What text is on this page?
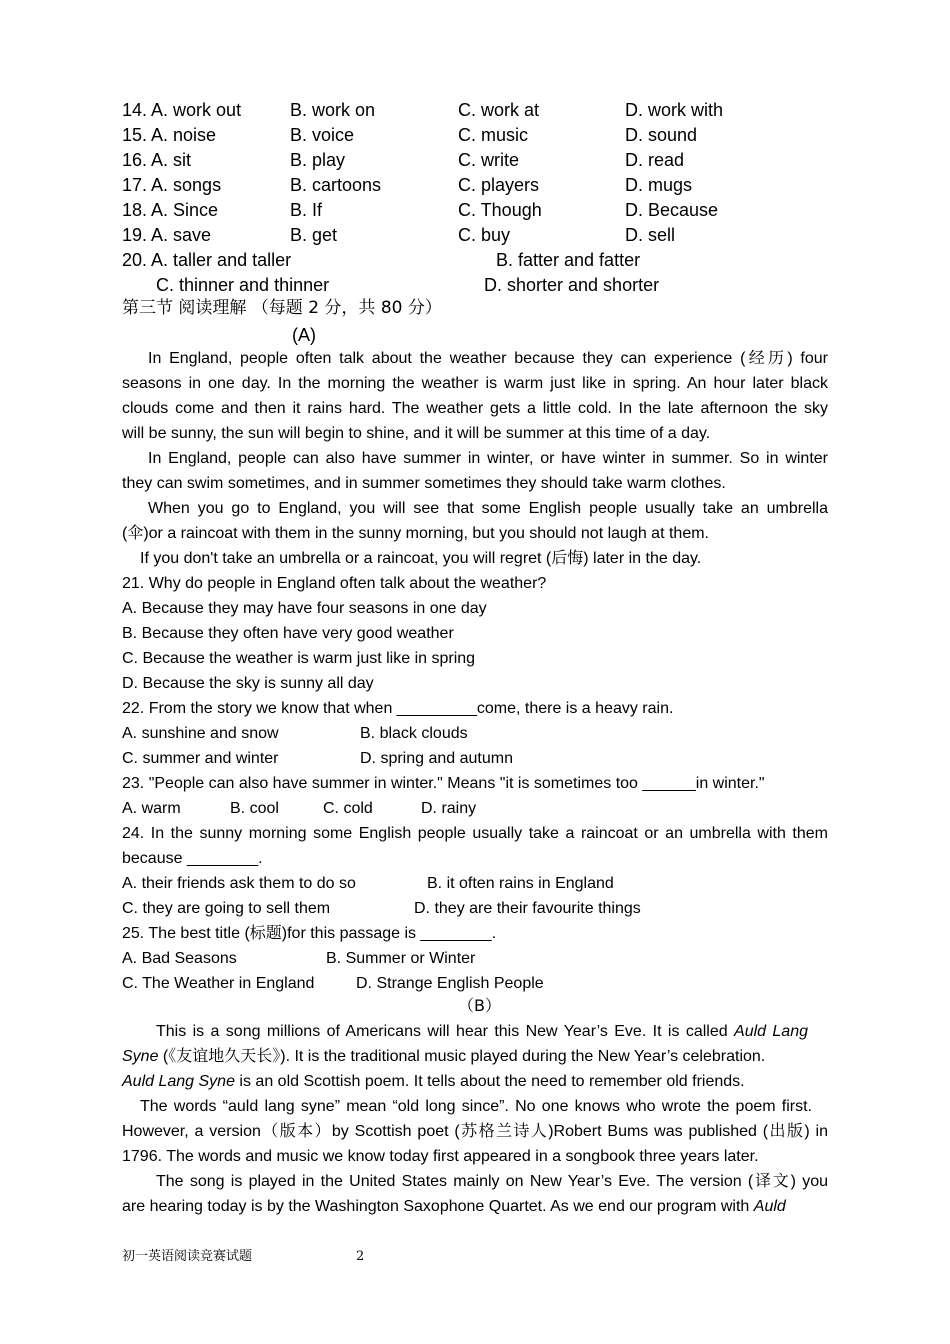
14. A. work out	B. work on	C. work at	D. work with
15. A. noise	B. voice	C. music	D. sound
16. A. sit	B. play	C. write	D. read
17. A. songs	B. cartoons	C. players	D. mugs
18. A. Since	B. If	C. Though	D. Because
19. A. save	B. get	C. buy	D. sell
20. A. taller and taller	B. fatter and fatter
C. thinner and thinner	D. shorter and shorter
第三节 阅读理解 （每题 2 分，共 80 分）
(A)
In England, people often talk about the weather because they can experience (经历) four
seasons in one day. In the morning the weather is warm just like in spring. An hour later black
clouds come and then it rains hard. The weather gets a little cold. In the late afternoon the sky
will be sunny, the sun will begin to shine, and it will be summer at this time of a day.
In England, people can also have summer in winter, or have winter in summer. So in winter
they can swim sometimes, and in summer sometimes they should take warm clothes.
When you go to England, you will see that some English people usually take an umbrella
(伞)or a raincoat with them in the sunny morning, but you should not laugh at them.
If you don't take an umbrella or a raincoat, you will regret (后悔) later in the day.
21. Why do people in England often talk about the weather?
A. Because they may have four seasons in one day
B. Because they often have very good weather
C. Because the weather is warm just like in spring
D. Because the sky is sunny all day
22. From the story we know that when _________come, there is a heavy rain.
A. sunshine and snow	B. black clouds
C. summer and winter	D. spring and autumn
23. "People can also have summer in winter." Means "it is sometimes too ______in winter."
A. warm	B. cool	C. cold	D. rainy
24. In the sunny morning some English people usually take a raincoat or an umbrella with them
because ________.
A. their friends ask them to do so	B. it often rains in England
C. they are going to sell them	D. they are their favourite things
25. The best title (标题)for this passage is ________.
A. Bad Seasons	B. Summer or Winter
C. The Weather in England	D. Strange English People
（B）
This is a song millions of Americans will hear this New Year’s Eve. It is called Auld Lang
Syne (《友谊地久天长》). It is the traditional music played during the New Year’s celebration.
Auld Lang Syne is an old Scottish poem. It tells about the need to remember old friends.
The words “auld lang syne” mean “old long since”. No one knows who wrote the poem first.
However, a version（版本）by Scottish poet (苏格兰诗人)Robert Bums was published (出版) in
1796. The words and music we know today first appeared in a songbook three years later.
The song is played in the United States mainly on New Year’s Eve. The version (译文) you
are hearing today is by the Washington Saxophone Quartet. As we end our program with Auld
初一英语阅读竞赛试题	2
